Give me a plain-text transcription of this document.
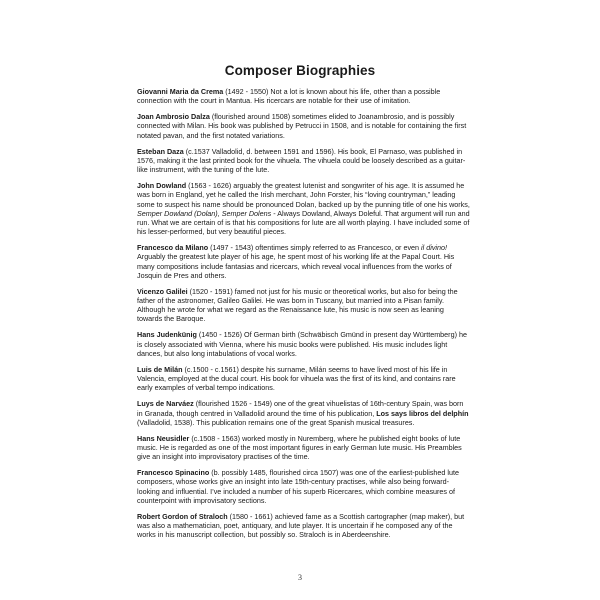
Composer Biographies

Giovanni Maria da Crema (1492 - 1550) Not a lot is known about his life, other than a possible connection with the court in Mantua. His ricercars are notable for their use of imitation.

Joan Ambrosio Dalza (flourished around 1508) sometimes elided to Joanambrosio, and is possibly connected with Milan. His book was published by Petrucci in 1508, and is notable for containing the first notated pavan, and the first notated variations.

Esteban Daza (c.1537 Valladolid, d. between 1591 and 1596). His book, El Parnaso, was published in 1576, making it the last printed book for the vihuela. The vihuela could be loosely described as a guitar-like instrument, with the tuning of the lute.

John Dowland (1563 - 1626) arguably the greatest lutenist and songwriter of his age. It is assumed he was born in England, yet he called the Irish merchant, John Forster, his “loving countryman,” leading some to suspect his name should be pronounced Dolan, backed up by the punning title of one his works, Semper Dowland (Dolan), Semper Dolens - Always Dowland, Always Doleful. That argument will run and run. What we are certain of is that his compositions for lute are all worth playing. I have included some of his lesser-performed, but very beautiful pieces.

Francesco da Milano (1497 - 1543) oftentimes simply referred to as Francesco, or even il divino! Arguably the greatest lute player of his age, he spent most of his working life at the Papal Court. His many compositions include fantasias and ricercars, which reveal vocal influences from the works of Josquin de Pres and others.

Vicenzo Galilei (1520 - 1591) famed not just for his music or theoretical works, but also for being the father of the astronomer, Galileo Galilei. He was born in Tuscany, but married into a Pisan family. Although he wrote for what we regard as the Renaissance lute, his music is now seen as leaning towards the Baroque.

Hans Judenkünig (1450 - 1526) Of German birth (Schwäbisch Gmünd in present day Württemberg) he is closely associated with Vienna, where his music books were published. His music includes light dances, but also long intabulations of vocal works.

Luis de Milán (c.1500 - c.1561) despite his surname, Milán seems to have lived most of his life in Valencia, employed at the ducal court. His book for vihuela was the first of its kind, and contains rare early examples of verbal tempo indications.

Luys de Narváez (flourished 1526 - 1549) one of the great vihuelistas of 16th-century Spain, was born in Granada, though centred in Valladolid around the time of his publication, Los says libros del delphín (Valladolid, 1538). This publication remains one of the great Spanish musical treasures.

Hans Neusidler (c.1508 - 1563) worked mostly in Nuremberg, where he published eight books of lute music. He is regarded as one of the most important figures in early German lute music. His Preambles give an insight into improvisatory practises of the time.

Francesco Spinacino (b. possibly 1485, flourished circa 1507) was one of the earliest-published lute composers, whose works give an insight into late 15th-century practises, while also being forward-looking and influential. I’ve included a number of his superb Ricercares, which combine measures of counterpoint with improvisatory sections.

Robert Gordon of Straloch (1580 - 1661) achieved fame as a Scottish cartographer (map maker), but was also a mathematician, poet, antiquary, and lute player. It is uncertain if he composed any of the works in his manuscript collection, but possibly so. Straloch is in Aberdeenshire.

3
